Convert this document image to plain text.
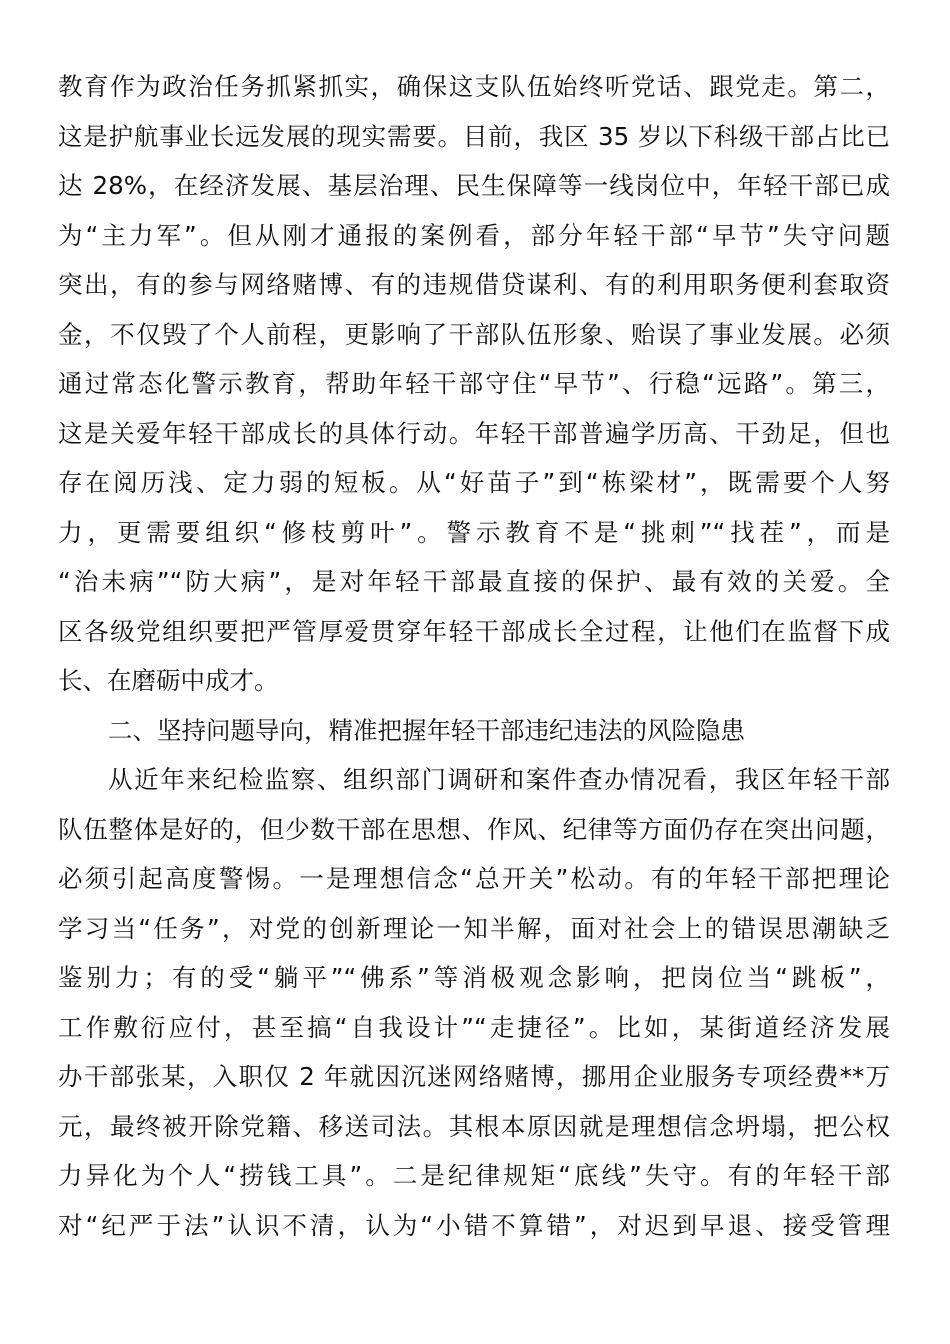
教育作为政治任务抓紧抓实，确保这支队伍始终听党话、跟党走。第二，
这是护航事业长远发展的现实需要。目前，我区 35 岁以下科级干部占比已
达 28%，在经济发展、基层治理、民生保障等一线岗位中，年轻干部已成
为“主力军”。但从刚才通报的案例看，部分年轻干部“早节”失守问题
突出，有的参与网络赌博、有的违规借贷谋利、有的利用职务便利套取资
金，不仅毁了个人前程，更影响了干部队伍形象、贻误了事业发展。必须
通过常态化警示教育，帮助年轻干部守住“早节”、行稳“远路”。第三，
这是关爱年轻干部成长的具体行动。年轻干部普遍学历高、干劲足，但也
存在阅历浅、定力弱的短板。从“好苗子”到“栋梁材”，既需要个人努
力，更需要组织“修枝剪叶”。警示教育不是“挑刺”“找茬”，而是
“治未病”“防大病”，是对年轻干部最直接的保护、最有效的关爱。全
区各级党组织要把严管厚爱贯穿年轻干部成长全过程，让他们在监督下成
长、在磨砺中成才。
二、坚持问题导向，精准把握年轻干部违纪违法的风险隐患
从近年来纪检监察、组织部门调研和案件查办情况看，我区年轻干部
队伍整体是好的，但少数干部在思想、作风、纪律等方面仍存在突出问题，
必须引起高度警惕。一是理想信念“总开关”松动。有的年轻干部把理论
学习当“任务”，对党的创新理论一知半解，面对社会上的错误思潮缺乏
鉴别力；有的受“躺平”“佛系”等消极观念影响，把岗位当“跳板”，
工作敷衍应付，甚至搞“自我设计”“走捷径”。比如，某街道经济发展
办干部张某，入职仅 2 年就因沉迷网络赌博，挪用企业服务专项经费**万
元，最终被开除党籍、移送司法。其根本原因就是理想信念坍塌，把公权
力异化为个人“捞钱工具”。二是纪律规矩“底线”失守。有的年轻干部
对“纪严于法”认识不清，认为“小错不算错”，对迟到早退、接受管理
